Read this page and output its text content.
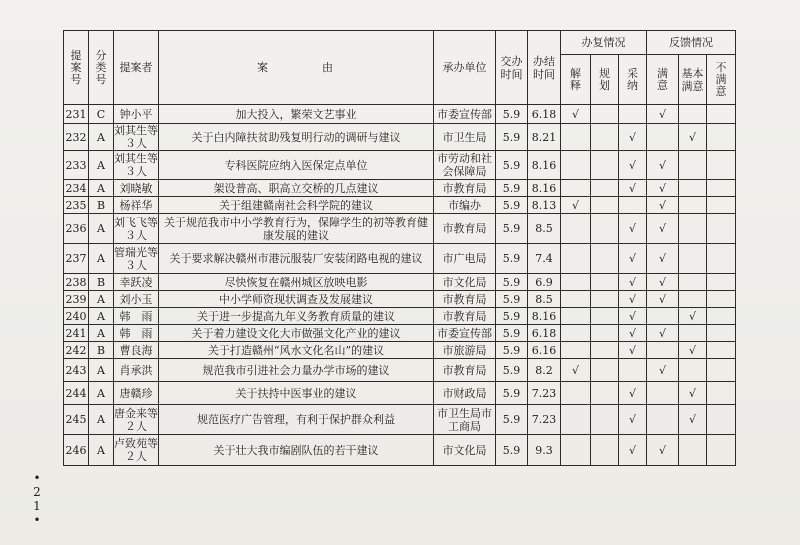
提案号	分类号	提案者	案　　　　由	承办单位	交办时间	办结时间	办复情况			反馈情况		
							解释	规划	采纳	满意	基本满意	不满意
231	C	钟小平	加大投入，繁荣文艺事业	市委宣传部	5.9	6.18	√			√		
232	A	刘其生等３人	关于白内障扶贫助残复明行动的调研与建议	市卫生局	5.9	8.21			√		√	
233	A	刘其生等３人	专科医院应纳入医保定点单位	市劳动和社会保障局	5.9	8.16			√	√		
234	A	刘晓敏	架设普高、职高立交桥的几点建议	市教育局	5.9	8.16			√	√		
235	B	杨祥华	关于组建赣南社会科学院的建议	市编办	5.9	8.13	√			√		
236	A	刘飞飞等３人	关于规范我市中小学教育行为，保障学生的初等教育健康发展的建议	市教育局	5.9	8.5			√	√		
237	A	管瑞光等３人	关于要求解决赣州市港沅服装厂安装闭路电视的建议	市广电局	5.9	7.4			√	√		
238	B	幸跃凌	尽快恢复在赣州城区放映电影	市文化局	5.9	6.9			√	√		
239	A	刘小玉	中小学师资现状调查及发展建议	市教育局	5.9	8.5			√	√		
240	A	韩　雨	关于进一步提高九年义务教育质量的建议	市教育局	5.9	8.16			√		√	
241	A	韩　雨	关于着力建设文化大市做强文化产业的建议	市委宣传部	5.9	6.18			√	√		
242	B	曹良海	关于打造赣州“风水文化名山”的建议	市旅游局	5.9	6.16			√		√	
243	A	肖承洪	规范我市引进社会力量办学市场的建议	市教育局	5.9	8.2	√			√		
244	A	唐赣珍	关于扶持中医事业的建议	市财政局	5.9	7.23			√		√	
245	A	唐金来等２人	规范医疗广告管理，有利于保护群众利益	市卫生局市工商局	5.9	7.23			√		√	
246	A	卢致苑等２人	关于壮大我市编剧队伍的若干建议	市文化局	5.9	9.3			√	√		
•21•
